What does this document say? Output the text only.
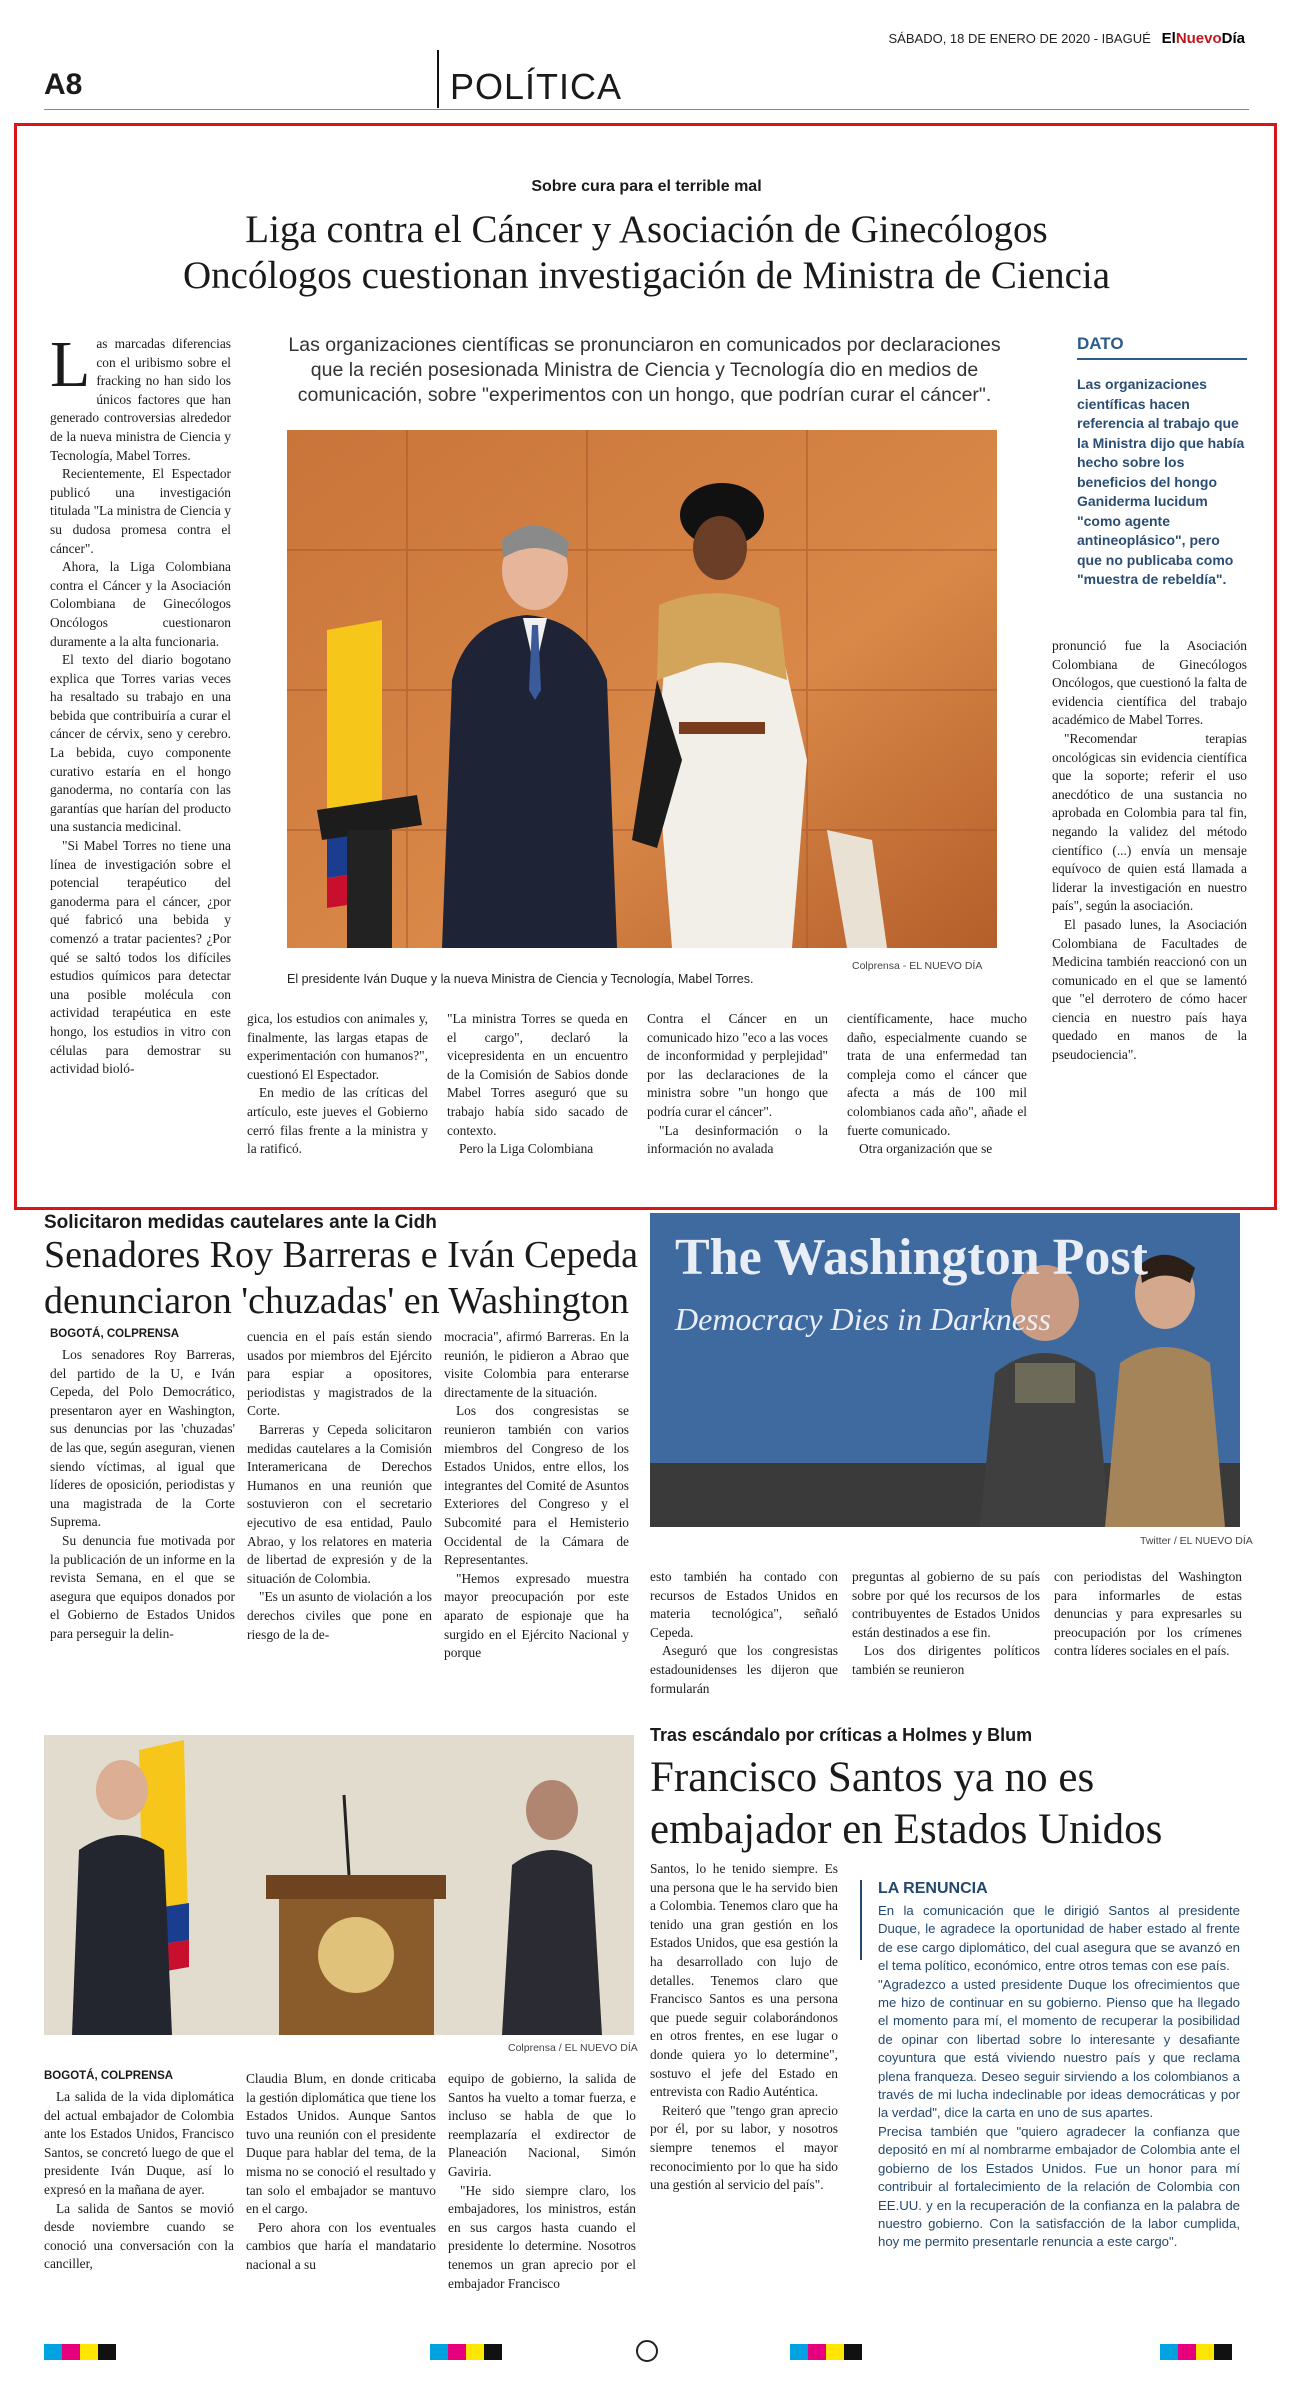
SÁBADO, 18 DE ENERO DE 2020 - IBAGUÉ ElNuevoDía
A8	POLÍTICA
Sobre cura para el terrible mal
Liga contra el Cáncer y Asociación de Ginecólogos
Oncólogos cuestionan investigación de Ministra de Ciencia

Las marcadas diferencias con el uribismo sobre el fracking no han sido los únicos factores que han generado controversias alrededor de la nueva ministra de Ciencia y Tecnología, Mabel Torres.

Recientemente, El Espectador publicó una investigación titulada "La ministra de Ciencia y su dudosa promesa contra el cáncer".

Ahora, la Liga Colombiana contra el Cáncer y la Asociación Colombiana de Ginecólogos Oncólogos cuestionaron duramente a la alta funcionaria.

El texto del diario bogotano explica que Torres varias veces ha resaltado su trabajo en una bebida que contribuiría a curar el cáncer de cérvix, seno y cerebro. La bebida, cuyo componente curativo estaría en el hongo ganoderma, no contaría con las garantías que harían del producto una sustancia medicinal.

"Si Mabel Torres no tiene una línea de investigación sobre el potencial terapéutico del ganoderma para el cáncer, ¿por qué fabricó una bebida y comenzó a tratar pacientes? ¿Por qué se saltó todos los difíciles estudios químicos para detectar una posible molécula con actividad terapéutica en este hongo, los estudios in vitro con células para demostrar su actividad bioló-

Las organizaciones científicas se pronunciaron en comunicados por declaraciones que la recién posesionada Ministra de Ciencia y Tecnología dio en medios de comunicación, sobre "experimentos con un hongo, que podrían curar el cáncer".
El presidente Iván Duque y la nueva Ministra de Ciencia y Tecnología, Mabel Torres.
Colprensa - EL NUEVO DÍA
DATO
Las organizaciones científicas hacen referencia al trabajo que la Ministra dijo que había hecho sobre los beneficios del hongo Ganiderma lucidum "como agente antineoplásico", pero que no publicaba como "muestra de rebeldía".

gica, los estudios con animales y, finalmente, las largas etapas de experimentación con humanos?", cuestionó El Espectador.

En medio de las críticas del artículo, este jueves el Gobierno cerró filas frente a la ministra y la ratificó.

"La ministra Torres se queda en el cargo", declaró la vicepresidenta en un encuentro de la Comisión de Sabios donde Mabel Torres aseguró que su trabajo había sido sacado de contexto.

Pero la Liga Colombiana

Contra el Cáncer en un comunicado hizo "eco a las voces de inconformidad y perplejidad" por las declaraciones de la ministra sobre "un hongo que podría curar el cáncer".

"La desinformación o la información no avalada

científicamente, hace mucho daño, especialmente cuando se trata de una enfermedad tan compleja como el cáncer que afecta a más de 100 mil colombianos cada año", añade el fuerte comunicado.

Otra organización que se

pronunció fue la Asociación Colombiana de Ginecólogos Oncólogos, que cuestionó la falta de evidencia científica del trabajo académico de Mabel Torres.

"Recomendar terapias oncológicas sin evidencia científica que la soporte; referir el uso anecdótico de una sustancia no aprobada en Colombia para tal fin, negando la validez del método científico (...) envía un mensaje equívoco de quien está llamada a liderar la investigación en nuestro país", según la asociación.

El pasado lunes, la Asociación Colombiana de Facultades de Medicina también reaccionó con un comunicado en el que se lamentó que "el derrotero de cómo hacer ciencia en nuestro país haya quedado en manos de la pseudociencia".

Solicitaron medidas cautelares ante la Cidh
Senadores Roy Barreras e Iván Cepeda
denunciaron 'chuzadas' en Washington
BOGOTÁ, COLPRENSA

Los senadores Roy Barreras, del partido de la U, e Iván Cepeda, del Polo Democrático, presentaron ayer en Washington, sus denuncias por las 'chuzadas' de las que, según aseguran, vienen siendo víctimas, al igual que líderes de oposición, periodistas y una magistrada de la Corte Suprema.

Su denuncia fue motivada por la publicación de un informe en la revista Semana, en el que se asegura que equipos donados por el Gobierno de Estados Unidos para perseguir la delin-

cuencia en el país están siendo usados por miembros del Ejército para espiar a opositores, periodistas y magistrados de la Corte.

Barreras y Cepeda solicitaron medidas cautelares a la Comisión Interamericana de Derechos Humanos en una reunión que sostuvieron con el secretario ejecutivo de esa entidad, Paulo Abrao, y los relatores en materia de libertad de expresión y de la situación de Colombia.

"Es un asunto de violación a los derechos civiles que pone en riesgo de la de-

mocracia", afirmó Barreras. En la reunión, le pidieron a Abrao que visite Colombia para enterarse directamente de la situación.

Los dos congresistas se reunieron también con varios miembros del Congreso de los Estados Unidos, entre ellos, los integrantes del Comité de Asuntos Exteriores del Congreso y el Subcomité para el Hemisterio Occidental de la Cámara de Representantes.

"Hemos expresado muestra mayor preocupación por este aparato de espionaje que ha surgido en el Ejército Nacional y porque

The Washington Post
Democracy Dies in Darkness
Twitter / EL NUEVO DÍA

esto también ha contado con recursos de Estados Unidos en materia tecnológica", señaló Cepeda.

Aseguró que los congresistas estadounidenses les dijeron que formularán

preguntas al gobierno de su país sobre por qué los recursos de los contribuyentes de Estados Unidos están destinados a ese fin.

Los dos dirigentes políticos también se reunieron

con periodistas del Washington para informarles de estas denuncias y para expresarles su preocupación por los crímenes contra líderes sociales en el país.

Colprensa / EL NUEVO DÍA
Tras escándalo por críticas a Holmes y Blum
Francisco Santos ya no es
embajador en Estados Unidos
BOGOTÁ, COLPRENSA

La salida de la vida diplomática del actual embajador de Colombia ante los Estados Unidos, Francisco Santos, se concretó luego de que el presidente Iván Duque, así lo expresó en la mañana de ayer.

La salida de Santos se movió desde noviembre cuando se conoció una conversación con la canciller,

Claudia Blum, en donde criticaba la gestión diplomática que tiene los Estados Unidos. Aunque Santos tuvo una reunión con el presidente Duque para hablar del tema, de la misma no se conoció el resultado y tan solo el embajador se mantuvo en el cargo.

Pero ahora con los eventuales cambios que haría el mandatario nacional a su

equipo de gobierno, la salida de Santos ha vuelto a tomar fuerza, e incluso se habla de que lo reemplazaría el exdirector de Planeación Nacional, Simón Gaviria.

"He sido siempre claro, los embajadores, los ministros, están en sus cargos hasta cuando el presidente lo determine. Nosotros tenemos un gran aprecio por el embajador Francisco

Santos, lo he tenido siempre. Es una persona que le ha servido bien a Colombia. Tenemos claro que ha tenido una gran gestión en los Estados Unidos, que esa gestión la ha desarrollado con lujo de detalles. Tenemos claro que Francisco Santos es una persona que puede seguir colaborándonos en otros frentes, en ese lugar o donde quiera yo lo determine", sostuvo el jefe del Estado en entrevista con Radio Auténtica.

Reiteró que "tengo gran aprecio por él, por su labor, y nosotros siempre tenemos el mayor reconocimiento por lo que ha sido una gestión al servicio del país".

LA RENUNCIA

En la comunicación que le dirigió Santos al presidente Duque, le agradece la oportunidad de haber estado al frente de ese cargo diplomático, del cual asegura que se avanzó en el tema político, económico, entre otros temas con ese país.

"Agradezco a usted presidente Duque los ofrecimientos que me hizo de continuar en su gobierno. Pienso que ha llegado el momento para mí, el momento de recuperar la posibilidad de opinar con libertad sobre lo interesante y desafiante coyuntura que está viviendo nuestro país y que reclama plena franqueza. Deseo seguir sirviendo a los colombianos a través de mi lucha indeclinable por ideas democráticas y por la verdad", dice la carta en uno de sus apartes.

Precisa también que "quiero agradecer la confianza que depositó en mí al nombrarme embajador de Colombia ante el gobierno de los Estados Unidos. Fue un honor para mí contribuir al fortalecimiento de la relación de Colombia con EE.UU. y en la recuperación de la confianza en la palabra de nuestro gobierno. Con la satisfacción de la labor cumplida, hoy me permito presentarle renuncia a este cargo".
